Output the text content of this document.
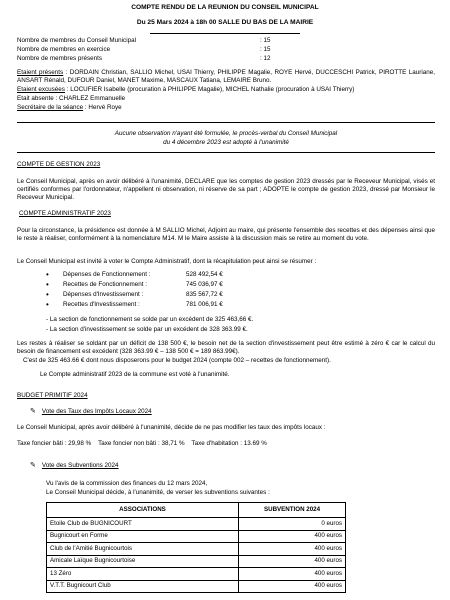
COMPTE RENDU DE LA REUNION DU CONSEIL MUNICIPAL
Du 25 Mars 2024 à 18h 00 SALLE DU BAS DE LA MAIRIE
Nombre de membres du Conseil Municipal	: 15
Nombre de membres en exercice	: 15
Nombre de membres présents	: 12
Etaient présents : DORDAIN Christian, SALLIO Michel, USAI Thierry, PHILIPPE Magalie, ROYE Hervé, DUCCESCHI Patrick, PIROTTE Lauriane, ANSART Rénald, DUFOUR Daniel, MANET Maxime, MASCAUX Tatiana, LEMAIRE Bruno.
Etaient excusées : LOCUFIER Isabelle (procuration à PHILIPPE Magalie), MICHEL Nathalie (procuration à USAI Thierry)
Etait absente : CHARLEZ Emmanuelle
Secrétaire de la séance : Hervé Roye
Aucune observation n'ayant été formulée, le procès-verbal du Conseil Municipal
du 4 décembre 2023 est adopté à l'unanimité
COMPTE DE GESTION 2023
Le Conseil Municipal, après en avoir délibéré à l'unanimité, DECLARE que les comptes de gestion 2023 dressés par le Receveur Municipal, visés et certifiés conformes par l'ordonnateur, n'appellent ni observation, ni réserve de sa part ; ADOPTE le compte de gestion 2023, dressé par Monsieur le Receveur Municipal.
COMPTE ADMINISTRATIF 2023
Pour la circonstance, la présidence est donnée à M SALLIO Michel, Adjoint au maire, qui présente l'ensemble des recettes et des dépenses ainsi que le reste à réaliser, conformément à la nomenclature M14. M le Maire assiste à la discussion mais se retire au moment du vote.
Le Conseil Municipal est invité à voter le Compte Administratif, dont la récapitulation peut ainsi se résumer :
• Dépenses de Fonctionnement :	528 492,54 €
• Recettes de Fonctionnement :	745 036,97 €
• Dépenses d'Investissement :	835 567,72 €
• Recettes d'Investissement :	781 006,91 €
- La section de fonctionnement se solde par un excédent de 325 463,66 €.
- La section d'investissement se solde par un excédent de 328 363.99 €.
Les restes à réaliser se soldant par un déficit de 138 500 €, le besoin net de la section d'investissement peut être estimé à zéro € car le calcul du besoin de financement est excédent (328 363.99 € – 138 500 € = 189 863.99€).
C'est de 325 463.66 € dont nous disposerons pour le budget 2024 (compte 002 – recettes de fonctionnement).
Le Compte administratif 2023 de la commune est voté à l'unanimité.
BUDGET PRIMITIF 2024
✎ Vote des Taux des Impôts Locaux 2024
Le Conseil Municipal, après avoir délibéré à l'unanimité, décide de ne pas modifier les taux des impôts locaux :
Taxe foncier bâti : 29,98 %    Taxe foncier non bâti : 38,71 %    Taxe d'habitation : 13.69 %
✎ Vote des Subventions 2024
Vu l'avis de la commission des finances du 12 mars 2024,
Le Conseil Municipal décide, à l'unanimité, de verser les subventions suivantes :
ASSOCIATIONS	SUBVENTION 2024
Etoile Club de BUGNICOURT	0 euros
Bugnicourt en Forme	400 euros
Club de l'Amitié Bugnicourtois	400 euros
Amicale Laïque Bugnicourtoise	400 euros
13 Zéro	400 euros
V.T.T. Bugnicourt Club	400 euros
